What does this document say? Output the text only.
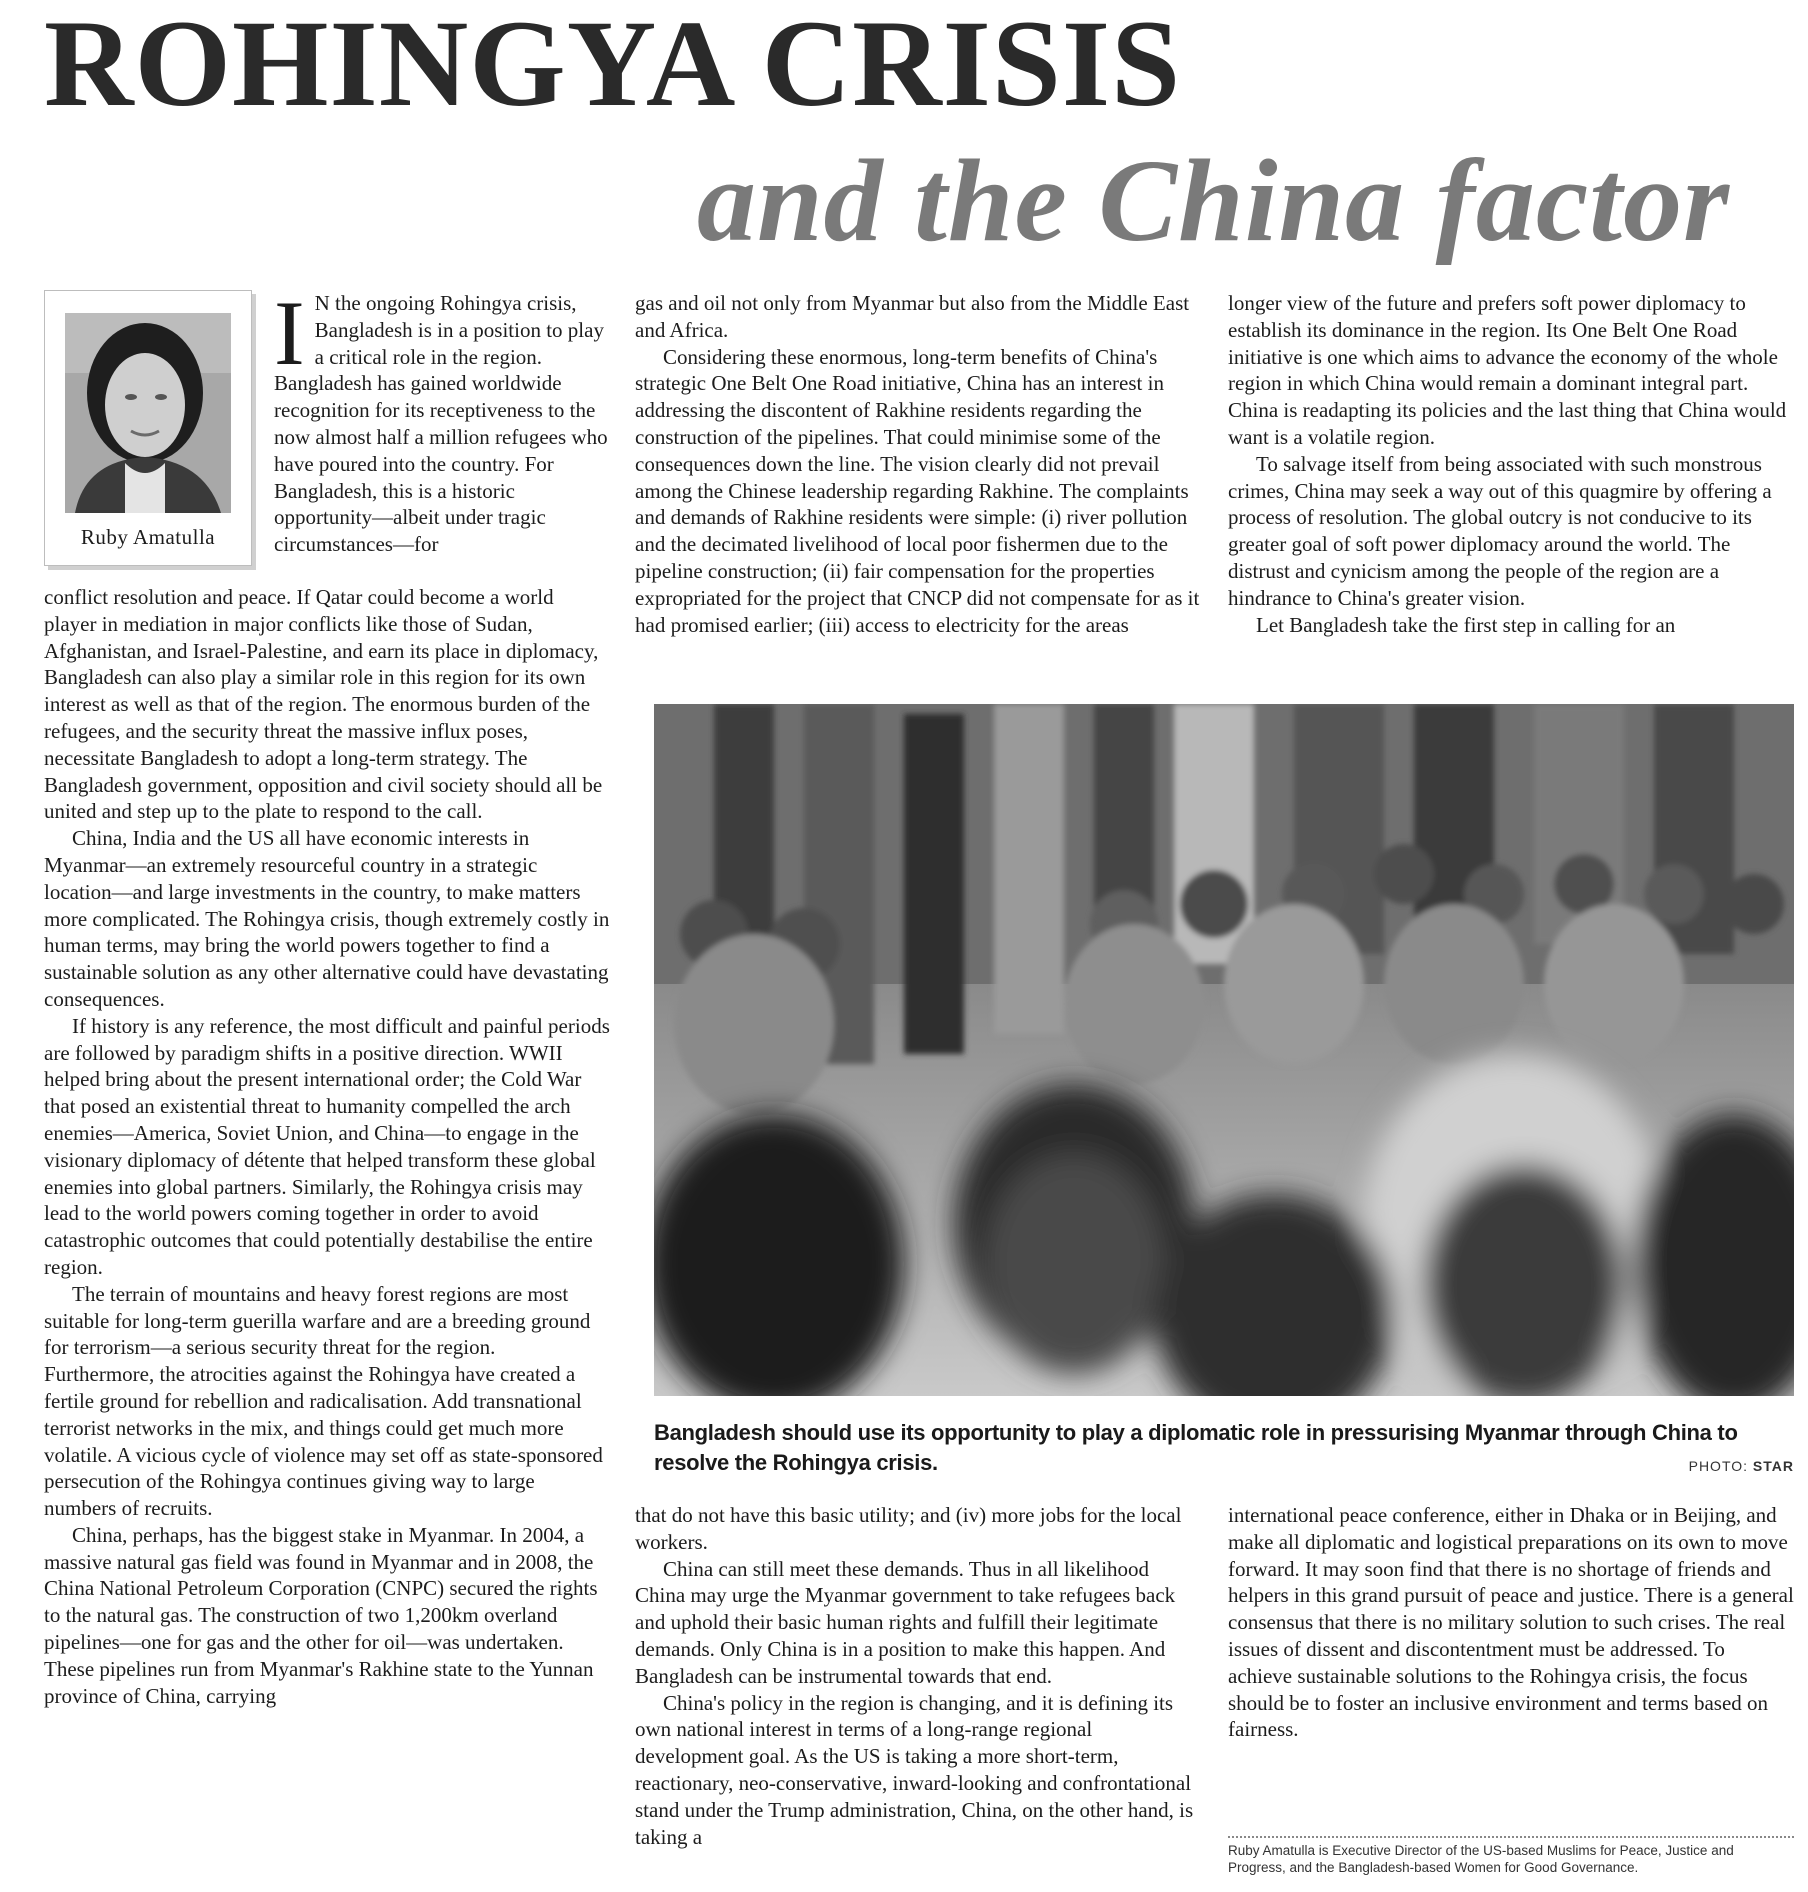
ROHINGYA CRISIS
and the China factor
Ruby Amatulla
I N the ongoing Rohingya crisis, Bangladesh is in a position to play a critical role in the region. Bangladesh has gained worldwide recognition for its receptiveness to the now almost half a million refugees who have poured into the country. For Bangladesh, this is a historic opportunity—albeit under tragic circumstances—for

conflict resolution and peace. If Qatar could become a world player in mediation in major conflicts like those of Sudan, Afghanistan, and Israel-Palestine, and earn its place in diplomacy, Bangladesh can also play a similar role in this region for its own interest as well as that of the region. The enormous burden of the refugees, and the security threat the massive influx poses, necessitate Bangladesh to adopt a long-term strategy. The Bangladesh government, opposition and civil society should all be united and step up to the plate to respond to the call.

China, India and the US all have economic interests in Myanmar—an extremely resourceful country in a strategic location—and large investments in the country, to make matters more complicated. The Rohingya crisis, though extremely costly in human terms, may bring the world powers together to find a sustainable solution as any other alternative could have devastating consequences.

If history is any reference, the most difficult and painful periods are followed by paradigm shifts in a positive direction. WWII helped bring about the present international order; the Cold War that posed an existential threat to humanity compelled the arch enemies—America, Soviet Union, and China—to engage in the visionary diplomacy of détente that helped transform these global enemies into global partners. Similarly, the Rohingya crisis may lead to the world powers coming together in order to avoid catastrophic outcomes that could potentially destabilise the entire region.

The terrain of mountains and heavy forest regions are most suitable for long-term guerilla warfare and are a breeding ground for terrorism—a serious security threat for the region. Furthermore, the atrocities against the Rohingya have created a fertile ground for rebellion and radicalisation. Add transnational terrorist networks in the mix, and things could get much more volatile. A vicious cycle of violence may set off as state-sponsored persecution of the Rohingya continues giving way to large numbers of recruits.

China, perhaps, has the biggest stake in Myanmar. In 2004, a massive natural gas field was found in Myanmar and in 2008, the China National Petroleum Corporation (CNPC) secured the rights to the natural gas. The construction of two 1,200km overland pipelines—one for gas and the other for oil—was undertaken. These pipelines run from Myanmar's Rakhine state to the Yunnan province of China, carrying

gas and oil not only from Myanmar but also from the Middle East and Africa.

Considering these enormous, long-term benefits of China's strategic One Belt One Road initiative, China has an interest in addressing the discontent of Rakhine residents regarding the construction of the pipelines. That could minimise some of the consequences down the line. The vision clearly did not prevail among the Chinese leadership regarding Rakhine. The complaints and demands of Rakhine residents were simple: (i) river pollution and the decimated livelihood of local poor fishermen due to the pipeline construction; (ii) fair compensation for the properties expropriated for the project that CNCP did not compensate for as it had promised earlier; (iii) access to electricity for the areas

longer view of the future and prefers soft power diplomacy to establish its dominance in the region. Its One Belt One Road initiative is one which aims to advance the economy of the whole region in which China would remain a dominant integral part. China is readapting its policies and the last thing that China would want is a volatile region.

To salvage itself from being associated with such monstrous crimes, China may seek a way out of this quagmire by offering a process of resolution. The global outcry is not conducive to its greater goal of soft power diplomacy around the world. The distrust and cynicism among the people of the region are a hindrance to China's greater vision.

Let Bangladesh take the first step in calling for an

Bangladesh should use its opportunity to play a diplomatic role in pressurising Myanmar through China to resolve the Rohingya crisis.	PHOTO: STAR

that do not have this basic utility; and (iv) more jobs for the local workers.

China can still meet these demands. Thus in all likelihood China may urge the Myanmar government to take refugees back and uphold their basic human rights and fulfill their legitimate demands. Only China is in a position to make this happen. And Bangladesh can be instrumental towards that end.

China's policy in the region is changing, and it is defining its own national interest in terms of a long-range regional development goal. As the US is taking a more short-term, reactionary, neo-conservative, inward-looking and confrontational stand under the Trump administration, China, on the other hand, is taking a

international peace conference, either in Dhaka or in Beijing, and make all diplomatic and logistical preparations on its own to move forward. It may soon find that there is no shortage of friends and helpers in this grand pursuit of peace and justice. There is a general consensus that there is no military solution to such crises. The real issues of dissent and discontentment must be addressed. To achieve sustainable solutions to the Rohingya crisis, the focus should be to foster an inclusive environment and terms based on fairness.

Ruby Amatulla is Executive Director of the US-based Muslims for Peace, Justice and Progress, and the Bangladesh-based Women for Good Governance.
